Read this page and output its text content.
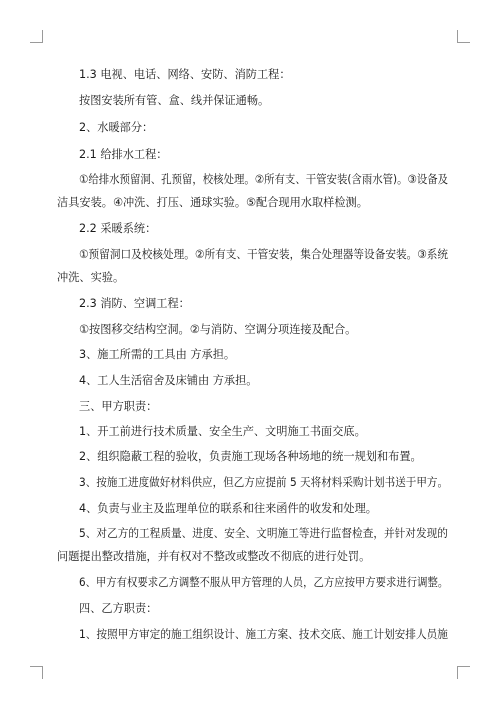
1.3 电视、电话、网络、安防、消防工程：
按图安装所有管、盒、线并保证通畅。
2、水暖部分：
2.1 给排水工程：
①给排水预留洞、孔预留，校核处理。②所有支、干管安装(含雨水管)。③设备及
洁具安装。④冲洗、打压、通球实验。⑤配合现用水取样检测。
2.2 采暖系统：
①预留洞口及校核处理。②所有支、干管安装，集合处理器等设备安装。③系统
冲洗、实验。
2.3 消防、空调工程：
①按图移交结构空洞。②与消防、空调分项连接及配合。
3、施工所需的工具由 方承担。
4、工人生活宿舍及床铺由 方承担。
三、甲方职责：
1、开工前进行技术质量、安全生产、文明施工书面交底。
2、组织隐蔽工程的验收，负责施工现场各种场地的统一规划和布置。
3、按施工进度做好材料供应，但乙方应提前 5 天将材料采购计划书送于甲方。
4、负责与业主及监理单位的联系和往来函件的收发和处理。
5、对乙方的工程质量、进度、安全、文明施工等进行监督检查，并针对发现的
问题提出整改措施，并有权对不整改或整改不彻底的进行处罚。
6、甲方有权要求乙方调整不服从甲方管理的人员，乙方应按甲方要求进行调整。
四、乙方职责：
1、按照甲方审定的施工组织设计、施工方案、技术交底、施工计划安排人员施
